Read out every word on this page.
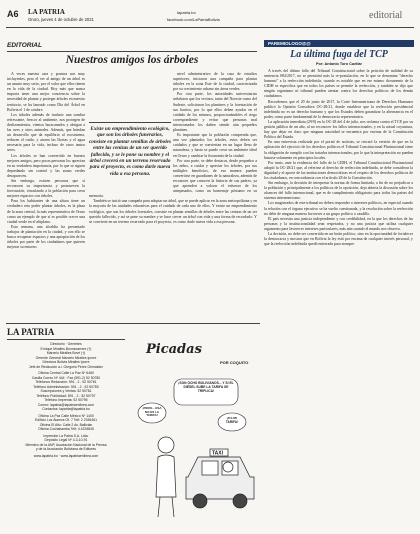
A6 LA PATRIA
Oruro, jueves 4 de octubre de 2021
lapatria.bo
facebook.com/LaPatriaBolivia	editorial
EDITORIAL
Nuestros amigos los árboles

A veces nuestra cara y postura son muy incluyentes, pero el ver al amigo de un árbol es un asunto muy serio, por el valor que ellos tienen en la vida de la ciudad. Hoy más que nunca importa tener una mejor conciencia sobre la necesidad de plantar y proteger árboles en nuestro territorio, se ha lanzado como Día del Árbol en Bolivia el 1 de octubre.

Los árboles además de traducir una sombra refrescante, frescor al ambiente, nos protegen de deslizamientos, vientos huracanados y abrigan a las aves y otros animales. Además, que brindan un desarrollo que da equilibrio al ecosistema, reducen el ruido, y atraen las lluvias y el agua necesaria para la vida, incluso de otros tantos seres.

Los árboles se han convertido en buenos mejores amigos, pero pocas personas los aprecian en su verdadera importancia, por lo que se siguen depredando sin control y las zonas verdes desaparecen.

Sin embargo, existen personas que sí reconocen su importancia y promueven la forestación, vinculando a la población para crear mejores espacios con árboles.

Para los habitantes de una altura tiene un verdadero reto poder plantar árboles, es la plaza de la zona central, la más representativa de Oruro como un ejemplo de que sí es posible crecer una ciudad verde en el altiplano.

Esta semana, una alcaldía ha presentado trabajos de plantación en la ciudad, y con ello se busca recuperar espacios y una apropiación de los árboles por parte de los ciudadanos que quieren mejorar su entorno.

nivel administrativo de la casa de estudios superiores, iniciaron una campaña para plantar árboles en la zona Este de la ciudad, caracterizada por su crecimiento urbano sin áreas verdes.

Por otra parte, los autoridades universitarias señalaron que los vecinos, tanto del Noreste como del Sudeste, solicitaron los plantines y la forestación de sus barrios, por lo que ellos deben ayudar en el cuidado de los mismos, proporcionándoles el riego correspondiente y evitar que personas mal intencionadas los dañen siendo aún pequeños plantines.

Es importante que la población comprenda que, una vez plantados los árboles, estos deben ser cuidados y que se conviertan en un lugar lleno de naturaleza, y hasta se puede crear un ambiente ideal en Oruro y cambiar la fisonomía de la ciudad.

Por otra parte, se debe destacar, desde pequeños a los niños, a cuidar y apreciar los árboles, por sus múltiples beneficios, de esa manera pueden convertirse en guardianes de la naturaleza, además de reconocer que conocen la historia de sus padres, ya que aprenden a valorar el esfuerzo de los antepasados, como un homenaje póstumo en su memoria.

También se inició una campaña para adoptar un árbol, que se puede aplicar en la zona metropolitana y en la mayoría de las unidades educativas para el cuidado de cada uno de ellos. Y existe un emprendimiento ecológico, que son los árboles forestales, consiste en plantar semillas de árboles entre las cenizas de un ser querido fallecido, y así se pone su nombre y se hace crecer un árbol con vida y una forma de recordarlo. Y se convierte en un terreno reservado para el proyecto, es como darle nueva vida a esa persona.

Existe un emprendimiento ecológico, que son los árboles funerarios, consiste en plantar semillas de árboles entre las cenizas de un ser querido fallecido, y se le pone su nombre y el árbol crecerá en un terreno reservado para el proyecto, es como darle nueva vida a esa persona.
PAREMIOLOGO@@
La última fuga del TCP
Por: Antonio Toro Cuellar

A través del último fallo del Tribunal Constitucional sobre la petición de nulidad de su sentencia 084/2017, no se permitirá más la re-postulación, en lo que se denomina "derecho humano" a la reelección indefinida, cuando es notable que en ese mismo documento de la CIDH se especifica que en todos los países se permite la reelección, y también se dijo que ningún organismo ni tribunal pueden atentar contra los derechos políticos de los demás ciudadanos.

Recordemos que el 29 de junio de 2017, la Corte Interamericana de Derechos Humanos publicó la Opinión Consultiva OC-28/21, donde establece que la reelección presidencial indefinida no es un derecho humano y que los Estados deben garantizar la alternancia en el poder, como parte fundamental de la democracia representativa.

La aplicación inmediata (29/9) en la OC-28 del 4 de julio, nos reclama contra el TCP, por su gestión pública de un año, al no reconocer los fallos internacionales, y en la actual coyuntura, hay que dejar en claro que ninguna autoridad se encuentra por encima de la Constitución Política del Estado.

En una entrevista realizada por el portal de noticias, se rescató la versión de que en la aplicación del ejercicio de los derechos políticos el Tribunal Constitucional Plurinacional tiene la obligación de cumplir con los tratados internacionales, por lo que la interpretación no pueden basarse solamente en principios locales.

Por tanto, ante la evidencia del fallo de la CIDH, el Tribunal Constitucional Plurinacional adoptó la OC-28/21 que, al referirse al derecho de reelección indefinida, se debe considerar la dignidad y el aporte de las instituciones democráticas en el respeto de los derechos políticos de los ciudadanos, en concordancia con el artículo 28 de la Constitución.

Sin embargo, la decisión de interpretar la norma de forma limitada, a fin de no perjudicar a la población y principalmente a los políticos de la oposición, deja abierta la discusión sobre los alcances del fallo internacional, que es de cumplimiento obligatorio para todos los países del sistema interamericano.

Los magistrados de este tribunal no deben responder a intereses políticos, en especial cuando la relación con el órgano ejecutivo se ha vuelto cuestionada, y la resolución sobre la reelección no debe de ninguna manera favorecer a un grupo político o caudillo.

El país necesita una justicia independiente y con credibilidad, en la que los derechos de las personas y la institucionalidad sean respetados, y no una justicia que utiliza cualquier argumento para favorecer intereses particulares, más aún cuando el mundo nos observa.

La decisión, no debe ser convertida en un botín político, sino en la oportunidad de fortalecer la democracia y mostrar que en Bolivia la ley está por encima de cualquier interés personal, y que la reelección indefinida quedó enterrada para siempre.

LA PATRIA
Directorio · Gerentes
Enrique Miralles Bonnecarrere (†)
Marcelo Miralles Bové (†)
Gerente General Marcelo Miralles Iporre
Directora Bolivia Miralles Iporre
Jefe de Redacción a.i. Gregorio Pérez Grimaldez
Oficina Central Calle La Paz Nº 6460
Casilla Correo Nº 444 · Fax (591-2) 52 50780
Teléfonos Redacción: 591 - 2 - 52 50781
Teléfono Administración: 591 - 2 - 52 50780
Suscripciones y Ventas: 52 50781
Teléfono Publicidad: 591 - 2 - 52 50797
Teléfono Imprenta: 52 50795
Correo: lapatria@lapatriaenlinea.com
Contactos: lapatria@lapatria.bo
Oficina La Paz Calle México Nº 1400
Edificio Los Álamos Of. 7 Telf: 2 2336461
Oficina El Alto: Calle 2 Av. Ballivián
Oficina Cochabamba Telf: 4 4226845
Impresión La Patria S.A. Ltda.
Depósito Legal Nº 4-3-10-91
Miembro de la ANP, Asociación Nacional de la Prensa
y de la Asociación Boliviana de Editores
www.lapatria.bo · www.lapatriaenlinea.com
Picadas
POR COQUITO
¡SON OCHO BOLIVIANOS... Y SI EL DIÉSEL SUBE LA TARIFA SE TRIPLICA!
¡PERO... ESA NO ES LA TARIFA!
¡ES MI TARIFA!
TAXI
